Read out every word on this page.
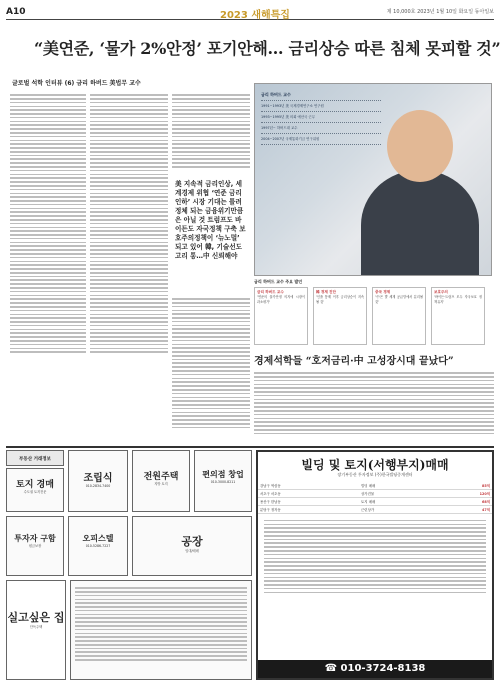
A10	2023 새해특집	제 10,000호 2023년 1월 10일 화요일 동아일보
“美연준, ‘물가 2%안정’ 포기안해… 금리상승 따른 침체 못피할 것”
글로벌 석학 인터뷰 (6) 금리 하버드 美법무 교수
美 지속적 금리인상, 세계경제 위협 ‘연준 금리인하’ 시장 기대는 틀려 정체 되는 금융위기만큼은 아닐 것 트럼프도 바이든도 자국정책 구축 보호주의정책이 ‘뉴노멀’ 되고 있어 韓, 기술선도 고리 통…中 신뢰해야
금리 하버드 교수
1991~1993년 美 국제경제연구소 연구원
1993~1995년 美 의회 예산국 근무
1997년~ 하버드대 교수
2004~2007년 국제통화기금 연구위원
금리 하버드 교수 주요 발언
금리 하버드 교수
'연준의 물가안정 의지에 시장이 과소평가'
韓 경제 진단
'인플 통제 이후 금리상승이 지속될 것'
중국 경제
'中은 발 세계 공급망에서 분리될 것'
보호주의
'바이든·트럼프 모두 자국보호 정책유지'
경제석학들 “호저금리·中 고성장시대 끝났다”
부동산 거래정보
토지 경매
수도권 토지전문
조립식
010-2834-7400
전원주택
지방 토지
편의점 창업
010-3000-8211
투자자 구함
원금보장
오피스텔
010-5286-7227	공장
임대/매매
실고싶은 집
단독주택
빌딩 및 토지(서행부지)매매
장기부동산 투자정보 (주)한국빌딩중개센터
강남구 역삼동	빌딩 매매	85억
서초구 서초동	상가건물	120억
용산구 한남동	토지 매매	68억
분당구 정자동	근린상가	47억
☎ 010-3724-8138
